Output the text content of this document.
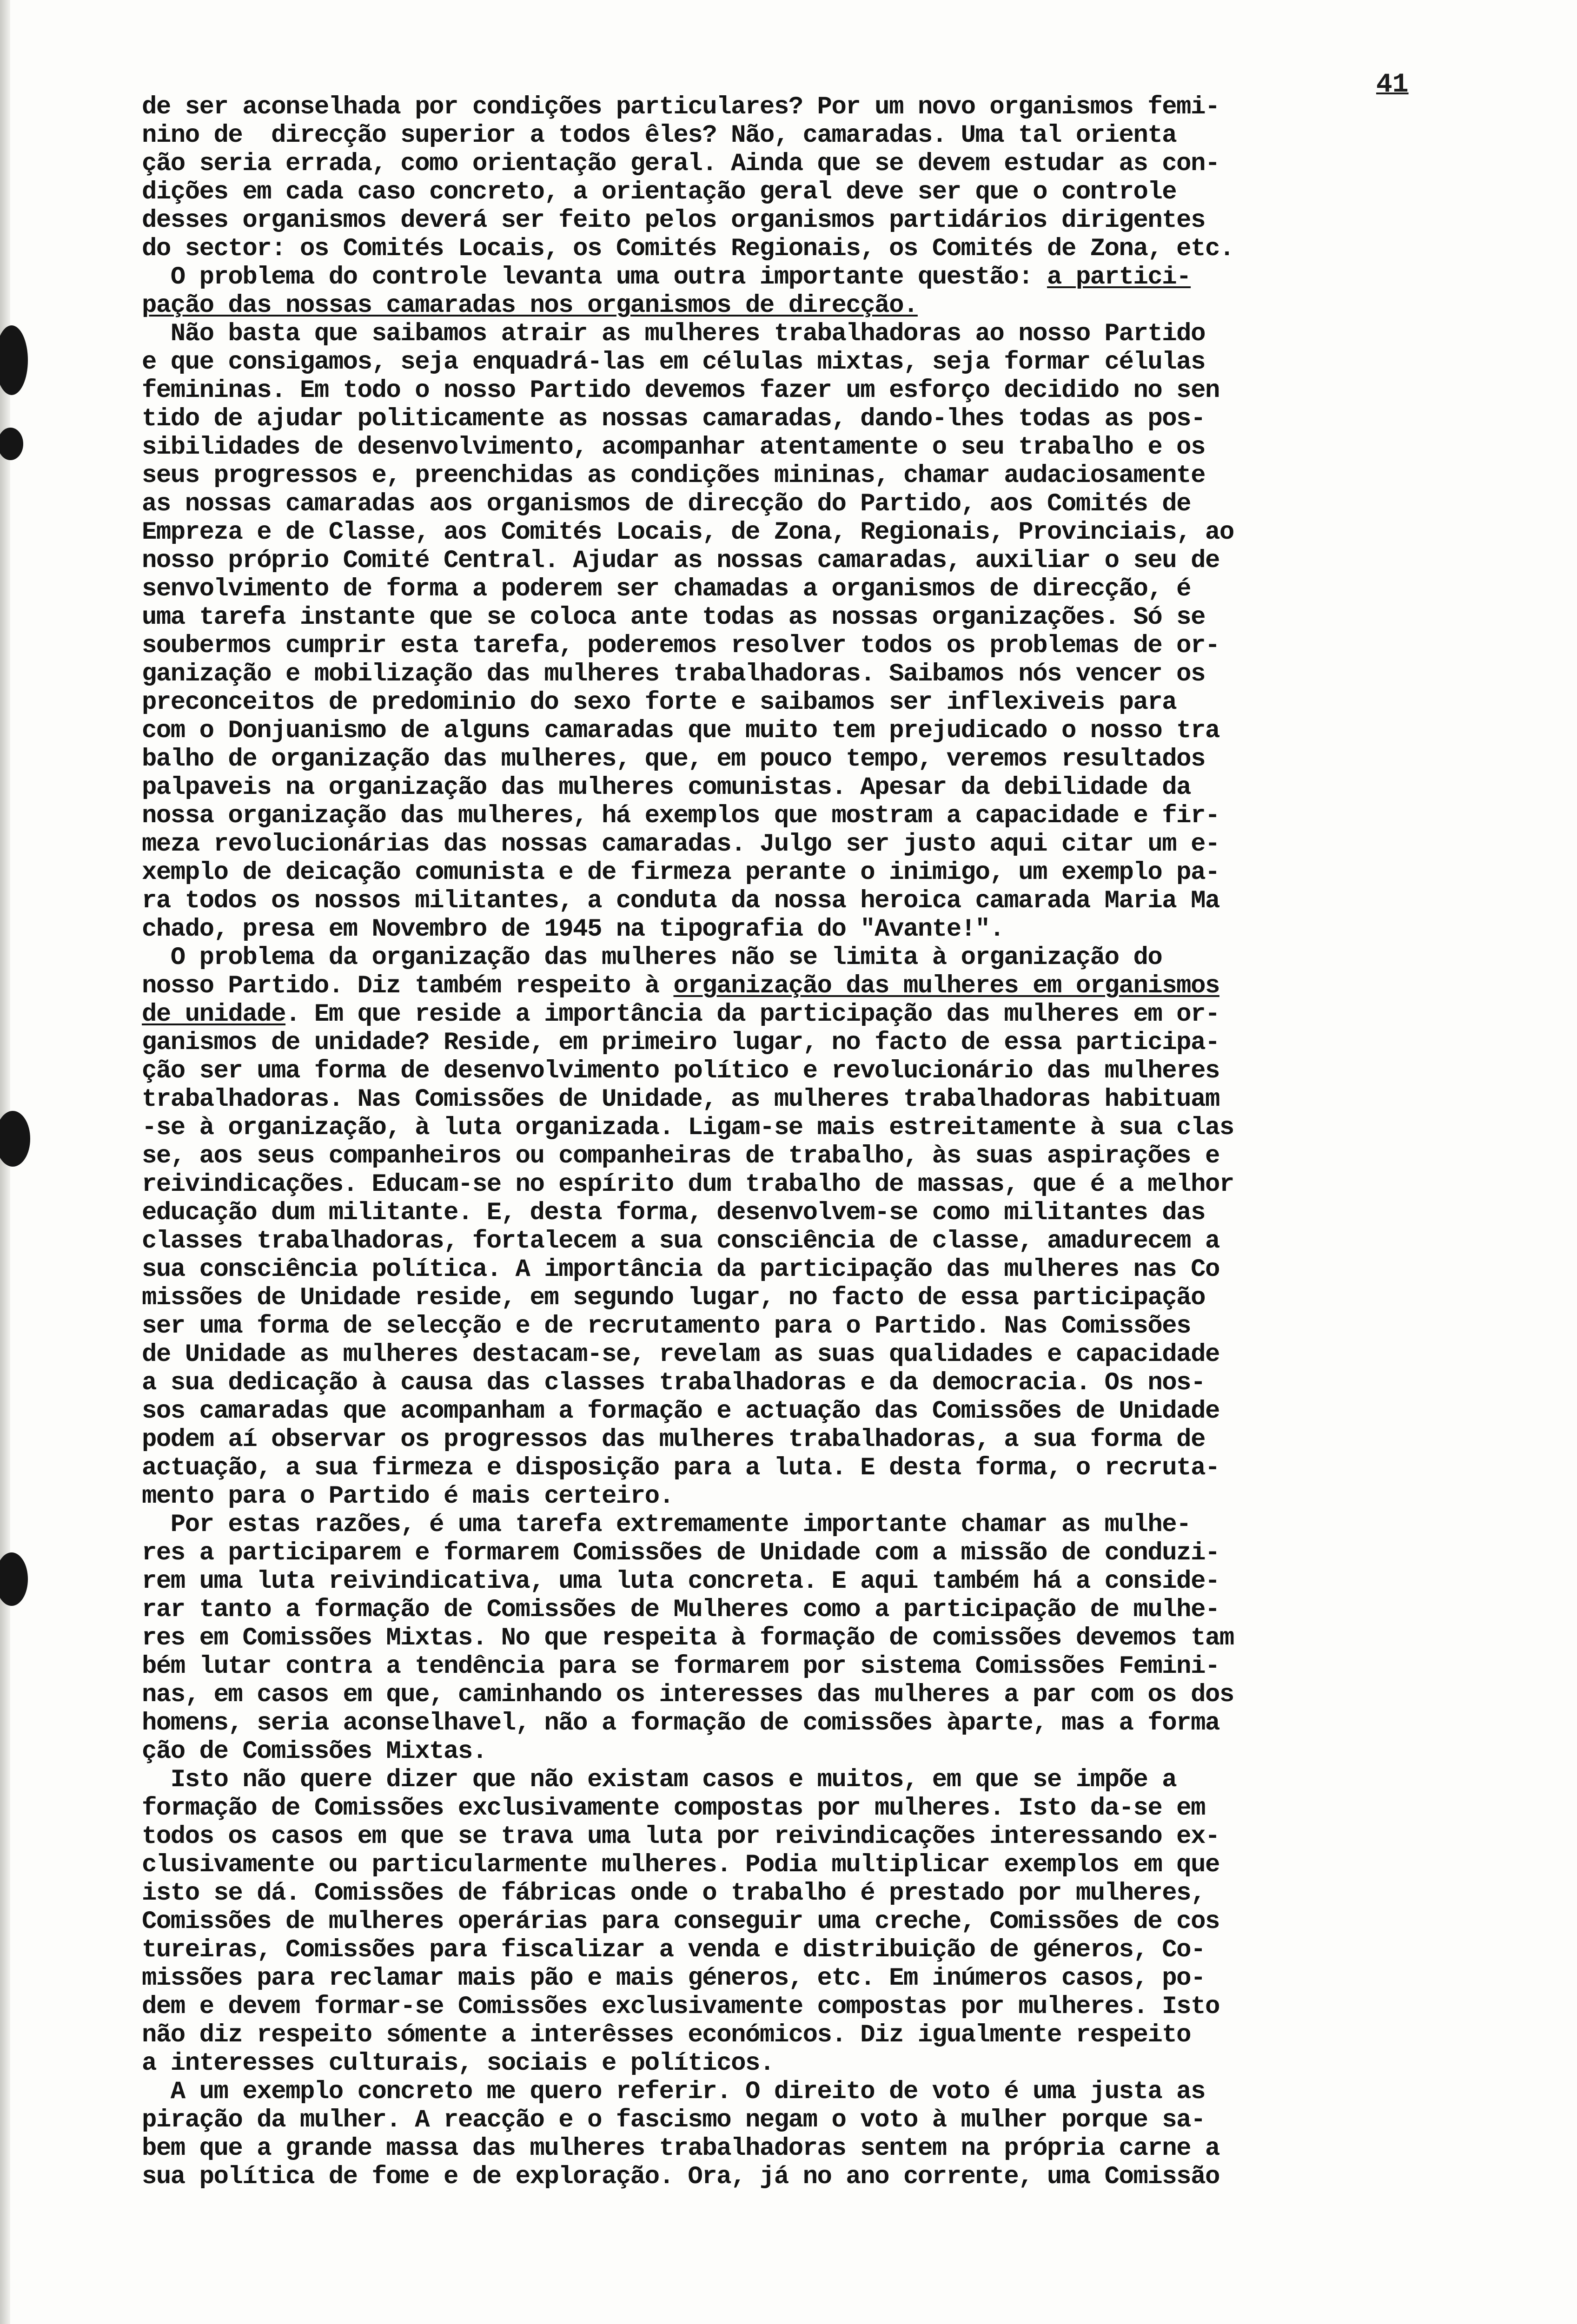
41
de ser aconselhada por condições particulares? Por um novo organismos femi-
nino de  direcção superior a todos êles? Não, camaradas. Uma tal orienta
ção seria errada, como orientação geral. Ainda que se devem estudar as con-
dições em cada caso concreto, a orientação geral deve ser que o controle
desses organismos deverá ser feito pelos organismos partidários dirigentes
do sector: os Comités Locais, os Comités Regionais, os Comités de Zona, etc.
O problema do controle levanta uma outra importante questão: a partici-
pação das nossas camaradas nos organismos de direcção.
Não basta que saibamos atrair as mulheres trabalhadoras ao nosso Partido
e que consigamos, seja enquadrá-las em células mixtas, seja formar células
femininas. Em todo o nosso Partido devemos fazer um esforço decidido no sen
tido de ajudar politicamente as nossas camaradas, dando-lhes todas as pos-
sibilidades de desenvolvimento, acompanhar atentamente o seu trabalho e os
seus progressos e, preenchidas as condições mininas, chamar audaciosamente
as nossas camaradas aos organismos de direcção do Partido, aos Comités de
Empreza e de Classe, aos Comités Locais, de Zona, Regionais, Provinciais, ao
nosso próprio Comité Central. Ajudar as nossas camaradas, auxiliar o seu de
senvolvimento de forma a poderem ser chamadas a organismos de direcção, é
uma tarefa instante que se coloca ante todas as nossas organizações. Só se
soubermos cumprir esta tarefa, poderemos resolver todos os problemas de or-
ganização e mobilização das mulheres trabalhadoras. Saibamos nós vencer os
preconceitos de predominio do sexo forte e saibamos ser inflexiveis para
com o Donjuanismo de alguns camaradas que muito tem prejudicado o nosso tra
balho de organização das mulheres, que, em pouco tempo, veremos resultados
palpaveis na organização das mulheres comunistas. Apesar da debilidade da
nossa organização das mulheres, há exemplos que mostram a capacidade e fir-
meza revolucionárias das nossas camaradas. Julgo ser justo aqui citar um e-
xemplo de deicação comunista e de firmeza perante o inimigo, um exemplo pa-
ra todos os nossos militantes, a conduta da nossa heroica camarada Maria Ma
chado, presa em Novembro de 1945 na tipografia do "Avante!".
O problema da organização das mulheres não se limita à organização do
nosso Partido. Diz também respeito à organização das mulheres em organismos
de unidade. Em que reside a importância da participação das mulheres em or-
ganismos de unidade? Reside, em primeiro lugar, no facto de essa participa-
ção ser uma forma de desenvolvimento político e revolucionário das mulheres
trabalhadoras. Nas Comissões de Unidade, as mulheres trabalhadoras habituam
-se à organização, à luta organizada. Ligam-se mais estreitamente à sua clas
se, aos seus companheiros ou companheiras de trabalho, às suas aspirações e
reivindicações. Educam-se no espírito dum trabalho de massas, que é a melhor
educação dum militante. E, desta forma, desenvolvem-se como militantes das
classes trabalhadoras, fortalecem a sua consciência de classe, amadurecem a
sua consciência política. A importância da participação das mulheres nas Co
missões de Unidade reside, em segundo lugar, no facto de essa participação
ser uma forma de selecção e de recrutamento para o Partido. Nas Comissões
de Unidade as mulheres destacam-se, revelam as suas qualidades e capacidade
a sua dedicação à causa das classes trabalhadoras e da democracia. Os nos-
sos camaradas que acompanham a formação e actuação das Comissões de Unidade
podem aí observar os progressos das mulheres trabalhadoras, a sua forma de
actuação, a sua firmeza e disposição para a luta. E desta forma, o recruta-
mento para o Partido é mais certeiro.
Por estas razões, é uma tarefa extremamente importante chamar as mulhe-
res a participarem e formarem Comissões de Unidade com a missão de conduzi-
rem uma luta reivindicativa, uma luta concreta. E aqui também há a conside-
rar tanto a formação de Comissões de Mulheres como a participação de mulhe-
res em Comissões Mixtas. No que respeita à formação de comissões devemos tam
bém lutar contra a tendência para se formarem por sistema Comissões Femini-
nas, em casos em que, caminhando os interesses das mulheres a par com os dos
homens, seria aconselhavel, não a formação de comissões àparte, mas a forma
ção de Comissões Mixtas.
Isto não quere dizer que não existam casos e muitos, em que se impõe a
formação de Comissões exclusivamente compostas por mulheres. Isto da-se em
todos os casos em que se trava uma luta por reivindicações interessando ex-
clusivamente ou particularmente mulheres. Podia multiplicar exemplos em que
isto se dá. Comissões de fábricas onde o trabalho é prestado por mulheres,
Comissões de mulheres operárias para conseguir uma creche, Comissões de cos
tureiras, Comissões para fiscalizar a venda e distribuição de géneros, Co-
missões para reclamar mais pão e mais géneros, etc. Em inúmeros casos, po-
dem e devem formar-se Comissões exclusivamente compostas por mulheres. Isto
não diz respeito sómente a interêsses económicos. Diz igualmente respeito
a interesses culturais, sociais e políticos.
A um exemplo concreto me quero referir. O direito de voto é uma justa as
piração da mulher. A reacção e o fascismo negam o voto à mulher porque sa-
bem que a grande massa das mulheres trabalhadoras sentem na própria carne a
sua política de fome e de exploração. Ora, já no ano corrente, uma Comissão
